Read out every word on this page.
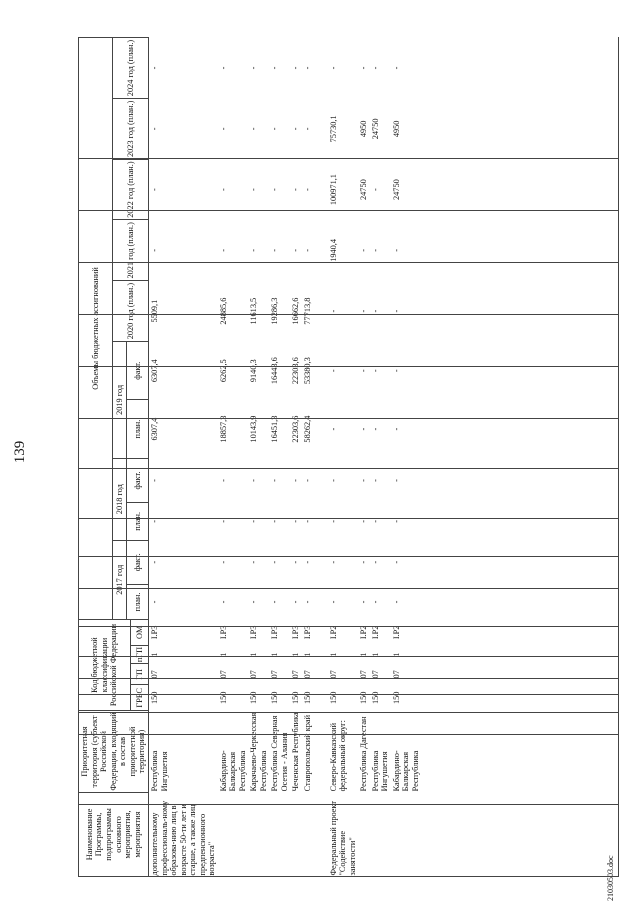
139
Наименование Программы, подпрограммы основного мероприятия, мероприятия	Приоритетная территория (субъект Российской Федерации, входящий в состав приоритетной территории)	Код бюджетной классификации Российской Федерации				Объемы бюджетных ассигнований										
						2017 год		2018 год		2019 год		2020 год (план.)	2021 год (план.)	2022 год (план.)	2023 год (план.)	2024 год (план.)
						план.	факт.	план.	факт.	план.	факт.					
		ГРБС	ГП	пГП	ОМ											
дополнительному профессиональ-ному образова-нию лиц в возрасте 50-ти лет и старше, а также лиц предпенсионного возраста"	Республика Ингушетия	150	07	1	I.P3	-	-	-	-	6307,4	6307,4	5509,1	-	-	-	-
	Кабардино-Балкарская Республика	150	07	1	I.P3	-	-	-	-	18857,3	6262,5	24885,6	-	-	-	-
	Карачаево-Черкесская Республика	150	07	1	I.P3	-	-	-	-	10143,9	9140,3	11613,5	-	-	-	-
	Республика Северная Осетия - Алания	150	07	1	I.P3	-	-	-	-	16451,3	16443,6	19286,3	-	-	-	-
	Чеченская Республика	150	07	1	I.P3	-	-	-	-	22303,6	22303,6	16662,6	-	-	-	-
	Ставропольский край	150	07	1	I.P3	-	-	-	-	58262,4	53380,3	77713,8	-	-	-	-

Федеральный проект "Содействие занятости"	Северо-Кавказский федеральный округ:	150	07	1	I.P2	-	-	-	-	-	-	-	1940,4	100971,1	75730,1	-
	Республика Дагестан	150	07	1	I.P2	-	-	-	-	-	-	-	-	24750	4950	-
	Республика Ингушетия	150	07	1	I.P2	-	-	-	-	-	-	-	-	-	24750	-
	Кабардино-Балкарская Республика	150	07	1	I.P2	-	-	-	-	-	-	-	-	24750	4950	-
21030503.doc
